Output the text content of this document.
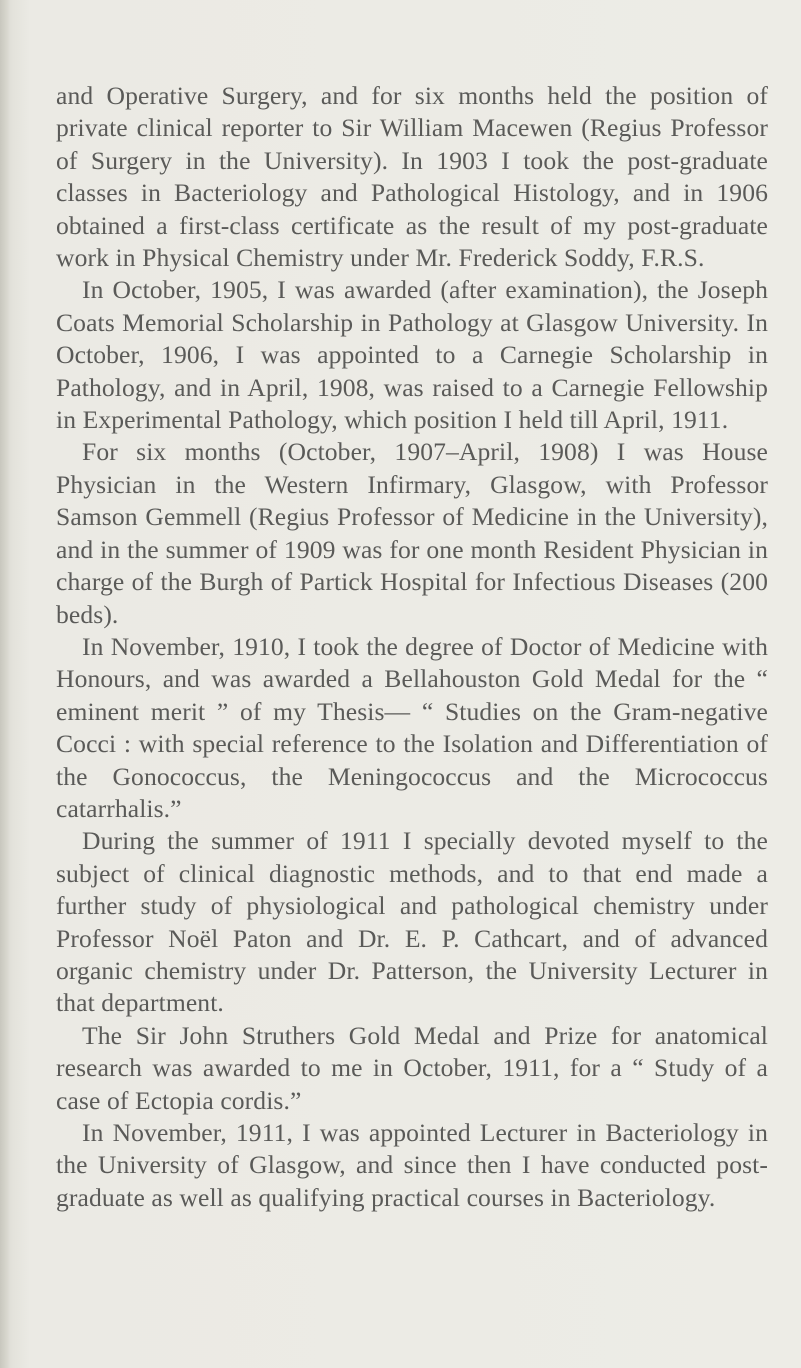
and Operative Surgery, and for six months held the position of private clinical reporter to Sir William Macewen (Regius Professor of Surgery in the University). In 1903 I took the post-graduate classes in Bacteriology and Pathological Histology, and in 1906 obtained a first-class certificate as the result of my post-graduate work in Physical Chemistry under Mr. Frederick Soddy, F.R.S.

In October, 1905, I was awarded (after examination), the Joseph Coats Memorial Scholarship in Pathology at Glasgow University. In October, 1906, I was appointed to a Carnegie Scholarship in Pathology, and in April, 1908, was raised to a Carnegie Fellowship in Experimental Pathology, which position I held till April, 1911.

For six months (October, 1907–April, 1908) I was House Physician in the Western Infirmary, Glasgow, with Professor Samson Gemmell (Regius Professor of Medicine in the University), and in the summer of 1909 was for one month Resident Physician in charge of the Burgh of Partick Hospital for Infectious Diseases (200 beds).

In November, 1910, I took the degree of Doctor of Medicine with Honours, and was awarded a Bellahouston Gold Medal for the “ eminent merit ” of my Thesis— “ Studies on the Gram-negative Cocci : with special reference to the Isolation and Differentiation of the Gonococcus, the Meningococcus and the Micrococcus catarrhalis.”

During the summer of 1911 I specially devoted myself to the subject of clinical diagnostic methods, and to that end made a further study of physiological and pathological chemistry under Professor Noël Paton and Dr. E. P. Cathcart, and of advanced organic chemistry under Dr. Patterson, the University Lecturer in that department.

The Sir John Struthers Gold Medal and Prize for anatomical research was awarded to me in October, 1911, for a “ Study of a case of Ectopia cordis.”

In November, 1911, I was appointed Lecturer in Bacteriology in the University of Glasgow, and since then I have conducted post-graduate as well as qualifying practical courses in Bacteriology.
